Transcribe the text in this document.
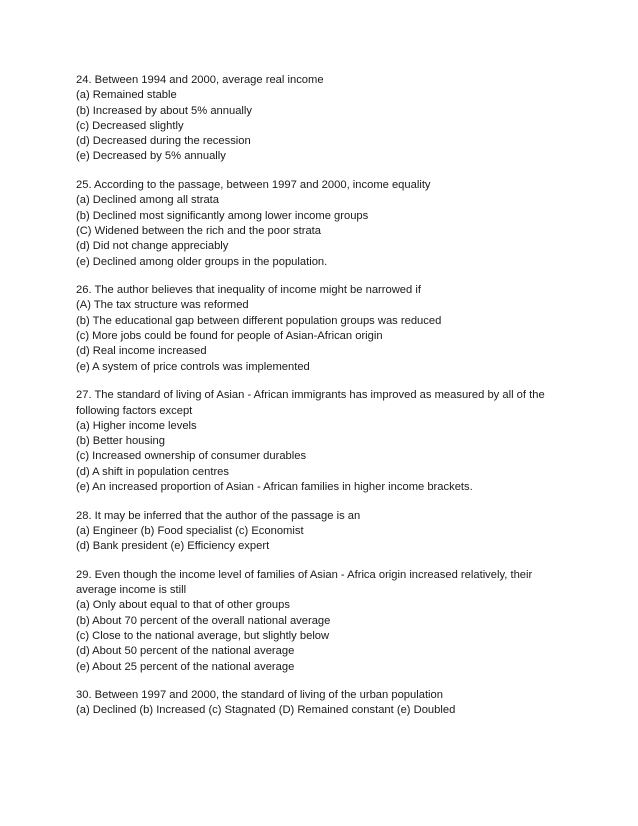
24. Between 1994 and 2000, average real income

(a) Remained stable

(b) Increased by about 5% annually

(c) Decreased slightly

(d) Decreased during the recession

(e) Decreased by 5% annually

25. According to the passage, between 1997 and 2000, income equality

(a) Declined among all strata

(b) Declined most significantly among lower income groups

(C) Widened between the rich and the poor strata

(d) Did not change appreciably

(e) Declined among older groups in the population.

26. The author believes that inequality of income might be narrowed if

(A) The tax structure was reformed

(b) The educational gap between different population groups was reduced

(c) More jobs could be found for people of Asian-African origin

(d) Real income increased

(e) A system of price controls was implemented

27. The standard of living of Asian - African immigrants has improved as measured by all of the

following factors except

(a) Higher income levels

(b) Better housing

(c) Increased ownership of consumer durables

(d) A shift in population centres

(e) An increased proportion of Asian - African families in higher income brackets.

28. It may be inferred that the author of the passage is an

(a) Engineer (b) Food specialist (c) Economist

(d) Bank president (e) Efficiency expert

29. Even though the income level of families of Asian - Africa origin increased relatively, their

average income is still

(a) Only about equal to that of other groups

(b) About 70 percent of the overall national average

(c) Close to the national average, but slightly below

(d) About 50 percent of the national average

(e) About 25 percent of the national average

30. Between 1997 and 2000, the standard of living of the urban population

(a) Declined (b) Increased (c) Stagnated (D) Remained constant (e) Doubled
